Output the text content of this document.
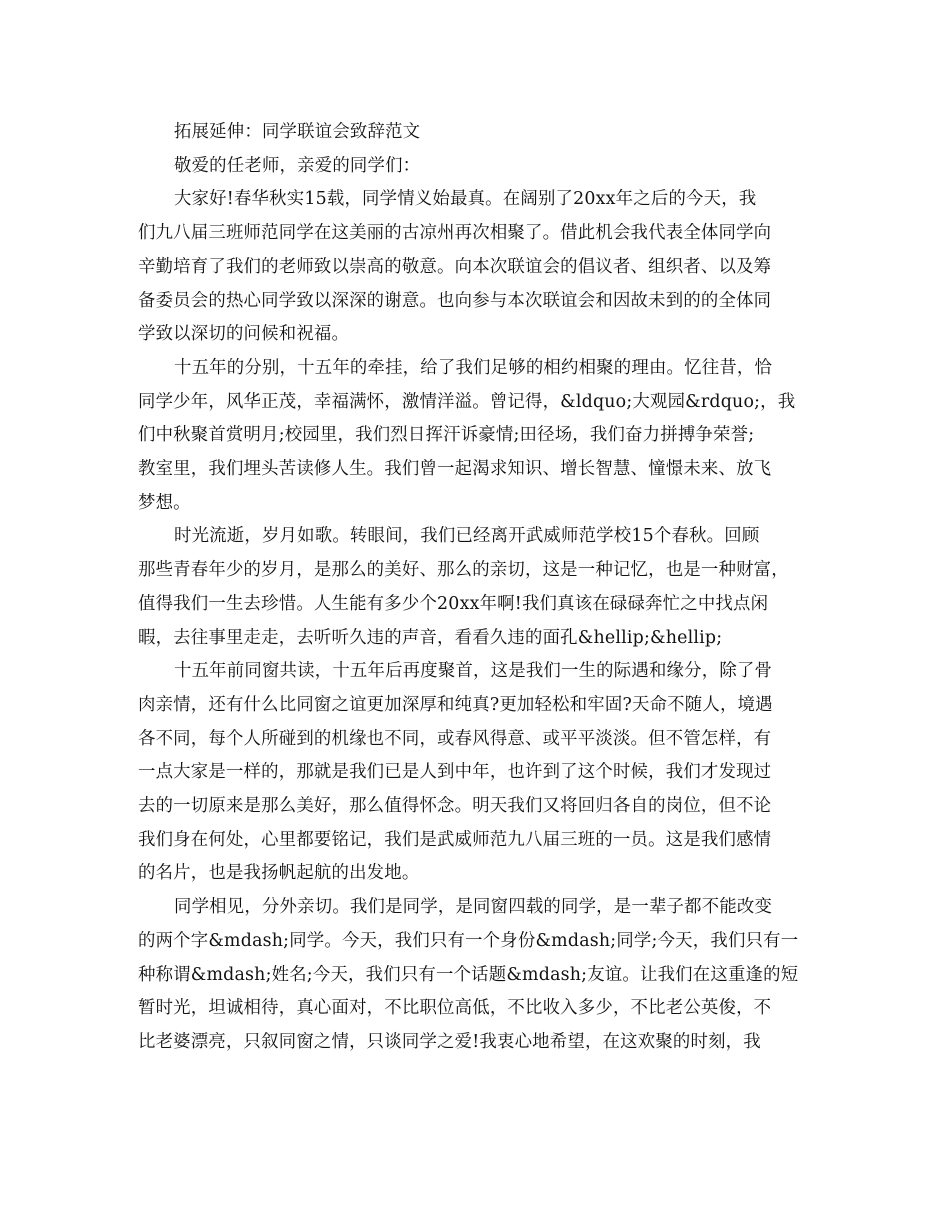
拓展延伸：同学联谊会致辞范文
敬爱的任老师，亲爱的同学们：
大家好!春华秋实15载，同学情义始最真。在阔别了20xx年之后的今天，我
们九八届三班师范同学在这美丽的古凉州再次相聚了。借此机会我代表全体同学向
辛勤培育了我们的老师致以崇高的敬意。向本次联谊会的倡议者、组织者、以及筹
备委员会的热心同学致以深深的谢意。也向参与本次联谊会和因故未到的的全体同
学致以深切的问候和祝福。
十五年的分别，十五年的牵挂，给了我们足够的相约相聚的理由。忆往昔，恰
同学少年，风华正茂，幸福满怀，激情洋溢。曾记得，&ldquo;大观园&rdquo;，我
们中秋聚首赏明月;校园里，我们烈日挥汗诉豪情;田径场，我们奋力拼搏争荣誉;
教室里，我们埋头苦读修人生。我们曾一起渴求知识、增长智慧、憧憬未来、放飞
梦想。
时光流逝，岁月如歌。转眼间，我们已经离开武威师范学校15个春秋。回顾
那些青春年少的岁月，是那么的美好、那么的亲切，这是一种记忆，也是一种财富，
值得我们一生去珍惜。人生能有多少个20xx年啊!我们真该在碌碌奔忙之中找点闲
暇，去往事里走走，去听听久违的声音，看看久违的面孔&hellip;&hellip;
十五年前同窗共读，十五年后再度聚首，这是我们一生的际遇和缘分，除了骨
肉亲情，还有什么比同窗之谊更加深厚和纯真?更加轻松和牢固?天命不随人，境遇
各不同，每个人所碰到的机缘也不同，或春风得意、或平平淡淡。但不管怎样，有
一点大家是一样的，那就是我们已是人到中年，也许到了这个时候，我们才发现过
去的一切原来是那么美好，那么值得怀念。明天我们又将回归各自的岗位，但不论
我们身在何处，心里都要铭记，我们是武威师范九八届三班的一员。这是我们感情
的名片，也是我扬帆起航的出发地。
同学相见，分外亲切。我们是同学，是同窗四载的同学，是一辈子都不能改变
的两个字&mdash;同学。今天，我们只有一个身份&mdash;同学;今天，我们只有一
种称谓&mdash;姓名;今天，我们只有一个话题&mdash;友谊。让我们在这重逢的短
暂时光，坦诚相待，真心面对，不比职位高低，不比收入多少，不比老公英俊，不
比老婆漂亮，只叙同窗之情，只谈同学之爱!我衷心地希望，在这欢聚的时刻，我
